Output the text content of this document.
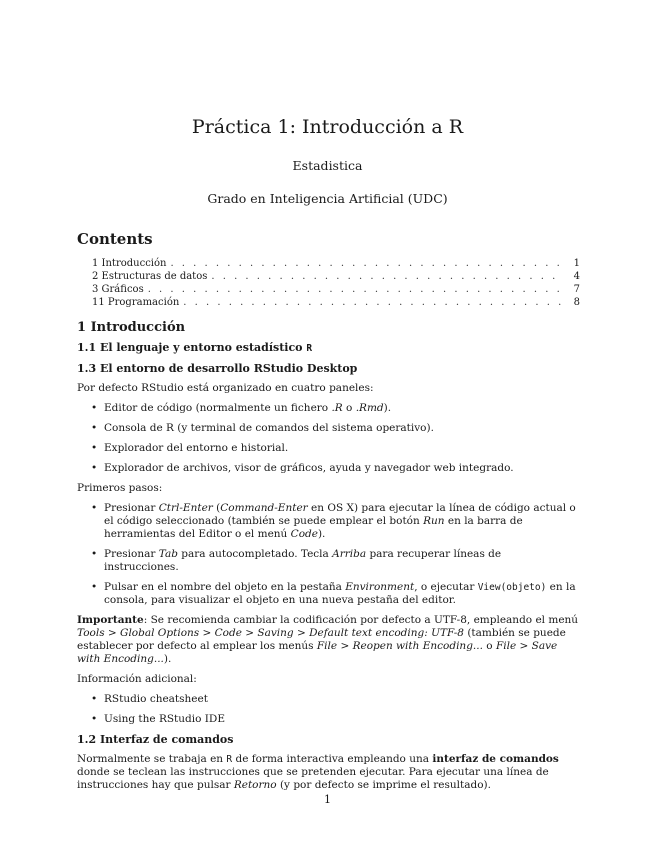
Práctica 1: Introducción a R
Estadistica
Grado en Inteligencia Artificial (UDC)
Contents
1 Introducción . . .	1
2 Estructuras de datos . . .	4
3 Gráficos . . .	7
11 Programación . . .	8
1 Introducción
1.1 El lenguaje y entorno estadístico R
1.3 El entorno de desarrollo RStudio Desktop

Por defecto RStudio está organizado en cuatro paneles:

• Editor de código (normalmente un fichero .R o .Rmd).
• Consola de R (y terminal de comandos del sistema operativo).
• Explorador del entorno e historial.
• Explorador de archivos, visor de gráficos, ayuda y navegador web integrado.

Primeros pasos:

• Presionar Ctrl-Enter (Command-Enter en OS X) para ejecutar la línea de código actual o el código seleccionado (también se puede emplear el botón Run en la barra de herramientas del Editor o el menú Code).
• Presionar Tab para autocompletado. Tecla Arriba para recuperar líneas de instrucciones.
• Pulsar en el nombre del objeto en la pestaña Environment, o ejecutar View(objeto) en la consola, para visualizar el objeto en una nueva pestaña del editor.

Importante: Se recomienda cambiar la codificación por defecto a UTF-8, empleando el menú Tools > Global Options > Code > Saving > Default text encoding: UTF-8 (también se puede establecer por defecto al emplear los menús File > Reopen with Encoding... o File > Save with Encoding...).

Información adicional:

• RStudio cheatsheet
• Using the RStudio IDE
1.2 Interfaz de comandos

Normalmente se trabaja en R de forma interactiva empleando una interfaz de comandos donde se teclean las instrucciones que se pretenden ejecutar. Para ejecutar una línea de instrucciones hay que pulsar Retorno (y por defecto se imprime el resultado).

1
